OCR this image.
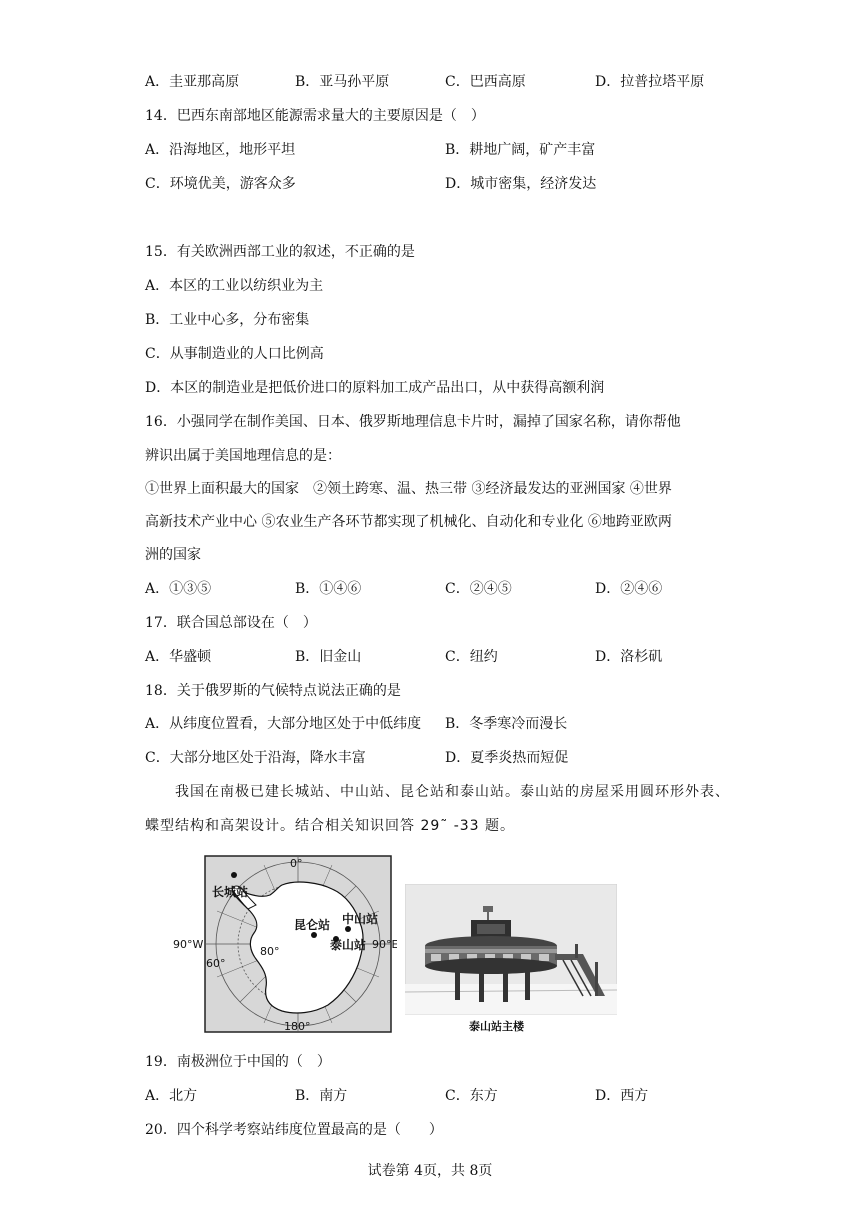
A．圭亚那高原	B．亚马孙平原	C．巴西高原	D．拉普拉塔平原
14．巴西东南部地区能源需求量大的主要原因是（　）
A．沿海地区，地形平坦	B．耕地广阔，矿产丰富
C．环境优美，游客众多	D．城市密集，经济发达
15．有关欧洲西部工业的叙述，不正确的是
A．本区的工业以纺织业为主
B．工业中心多，分布密集
C．从事制造业的人口比例高
D．本区的制造业是把低价进口的原料加工成产品出口，从中获得高额利润
16．小强同学在制作美国、日本、俄罗斯地理信息卡片时，漏掉了国家名称，请你帮他
辨识出属于美国地理信息的是：
①世界上面积最大的国家　②领土跨寒、温、热三带 ③经济最发达的亚洲国家 ④世界
高新技术产业中心 ⑤农业生产各环节都实现了机械化、自动化和专业化 ⑥地跨亚欧两
洲的国家
A．①③⑤	B．①④⑥	C．②④⑤	D．②④⑥
17．联合国总部设在（　）
A．华盛顿	B．旧金山	C．纽约	D．洛杉矶
18．关于俄罗斯的气候特点说法正确的是
A．从纬度位置看，大部分地区处于中低纬度 B．冬季寒冷而漫长
C．大部分地区处于沿海，降水丰富	D．夏季炎热而短促
我国在南极已建长城站、中山站、昆仑站和泰山站。泰山站的房屋采用圆环形外表、
蝶型结构和高架设计。结合相关知识回答 29˜ -33 题。
0°
180°
90°W	90°E
80°
60°
长城站
昆仑站 中山站
泰山站
泰山站主楼
19．南极洲位于中国的（　）
A．北方	B．南方	C．东方	D．西方
20．四个科学考察站纬度位置最高的是（　　）
试卷第 4页，共 8页
